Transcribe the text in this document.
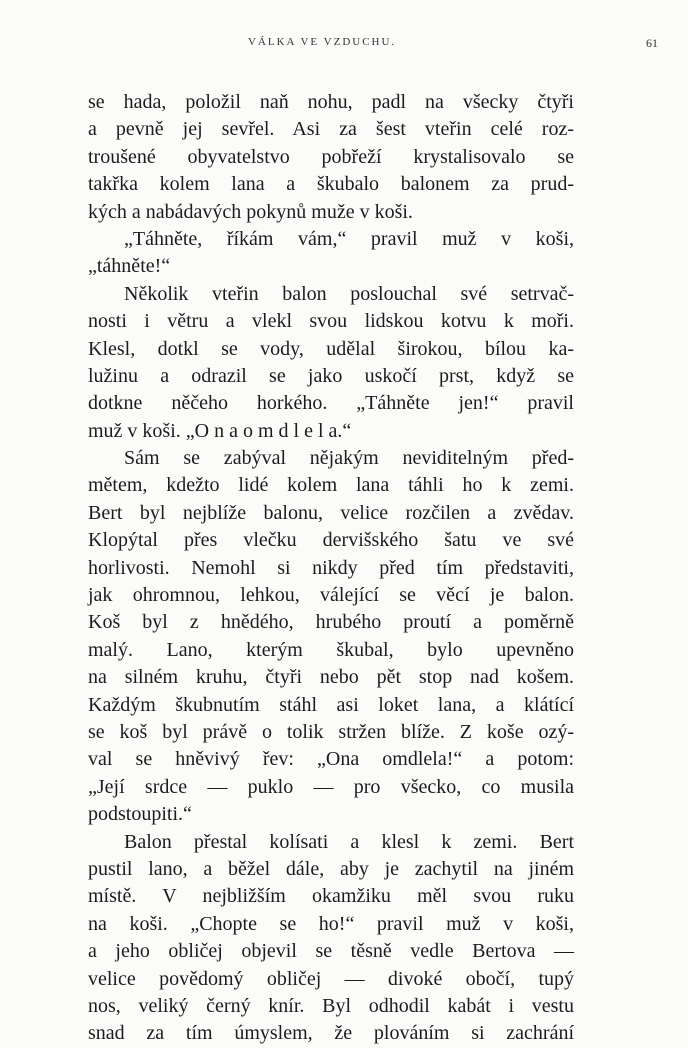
VÁLKA VE VZDUCHU.	61
se hada, položil naň nohu, padl na všecky čtyři
a pevně jej sevřel. Asi za šest vteřin celé roz-
troušené obyvatelstvo pobřeží krystalisovalo se
takřka kolem lana a škubalo balonem za prud-
kých a nabádavých pokynů muže v koši.
„Táhněte, říkám vám,“ pravil muž v koši,
„táhněte!“
Několik vteřin balon poslouchal své setrvač-
nosti i větru a vlekl svou lidskou kotvu k moři.
Klesl, dotkl se vody, udělal širokou, bílou ka-
lužinu a odrazil se jako uskočí prst, když se
dotkne něčeho horkého. „Táhněte jen!“ pravil
muž v koši. „O n a o m d l e l a.“
Sám se zabýval nějakým neviditelným před-
mětem, kdežto lidé kolem lana táhli ho k zemi.
Bert byl nejblíže balonu, velice rozčilen a zvědav.
Klopýtal přes vlečku dervišského šatu ve své
horlivosti. Nemohl si nikdy před tím představiti,
jak ohromnou, lehkou, válející se věcí je balon.
Koš byl z hnědého, hrubého proutí a poměrně
malý. Lano, kterým škubal, bylo upevněno
na silném kruhu, čtyři nebo pět stop nad košem.
Každým škubnutím stáhl asi loket lana, a klátící
se koš byl právě o tolik stržen blíže. Z koše ozý-
val se hněvivý řev: „Ona omdlela!“ a potom:
„Její srdce — puklo — pro všecko, co musila
podstoupiti.“
Balon přestal kolísati a klesl k zemi. Bert
pustil lano, a běžel dále, aby je zachytil na jiném
místě. V nejbližším okamžiku měl svou ruku
na koši. „Chopte se ho!“ pravil muž v koši,
a jeho obličej objevil se těsně vedle Bertova —
velice povědomý obličej — divoké obočí, tupý
nos, veliký černý knír. Byl odhodil kabát i vestu
snad za tím úmyslem, že plováním si zachrání
